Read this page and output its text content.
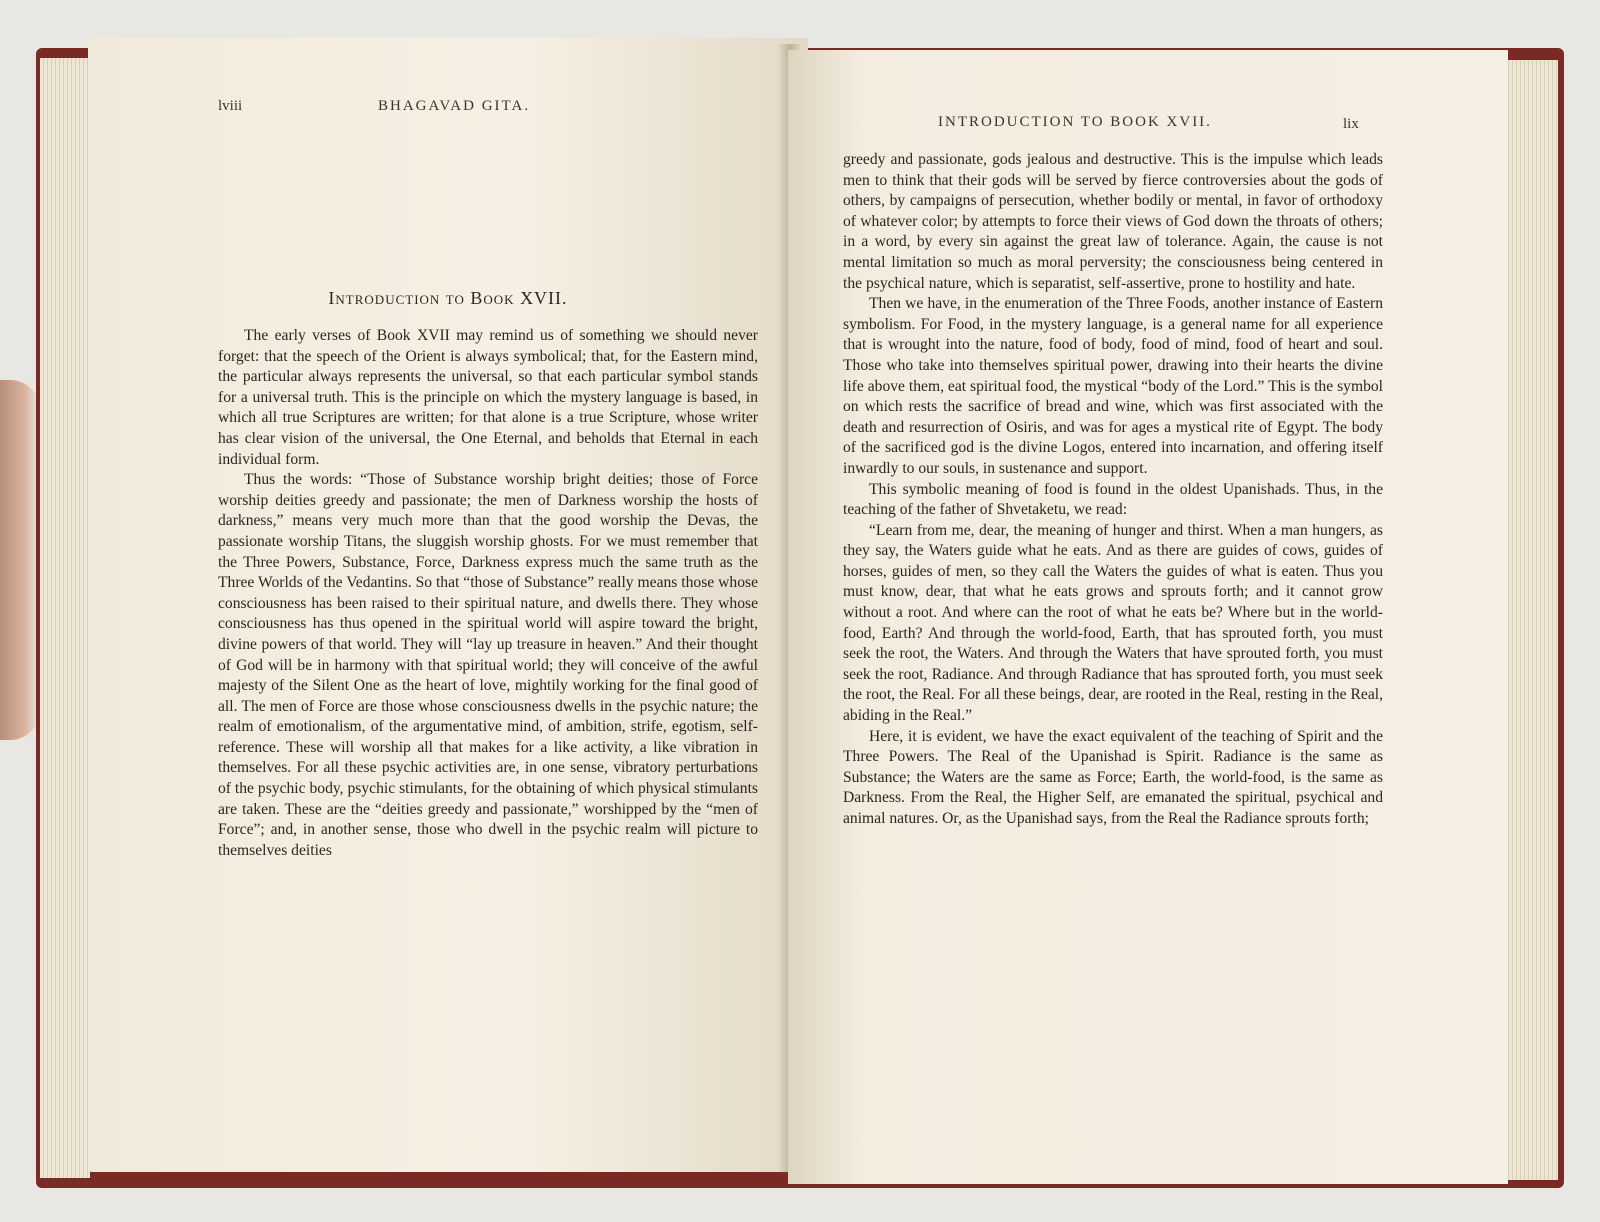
lviii	BHAGAVAD GITA.
Introduction to Book XVII.

The early verses of Book XVII may remind us of something we should never forget: that the speech of the Orient is always symbolical; that, for the Eastern mind, the particular always represents the universal, so that each particular symbol stands for a universal truth. This is the principle on which the mystery language is based, in which all true Scriptures are written; for that alone is a true Scripture, whose writer has clear vision of the universal, the One Eternal, and beholds that Eternal in each individual form.

Thus the words: “Those of Substance worship bright deities; those of Force worship deities greedy and passionate; the men of Darkness worship the hosts of darkness,” means very much more than that the good worship the Devas, the passionate worship Titans, the sluggish worship ghosts. For we must remember that the Three Powers, Substance, Force, Darkness express much the same truth as the Three Worlds of the Vedantins. So that “those of Substance” really means those whose consciousness has been raised to their spiritual nature, and dwells there. They whose consciousness has thus opened in the spiritual world will aspire toward the bright, divine powers of that world. They will “lay up treasure in heaven.” And their thought of God will be in harmony with that spiritual world; they will conceive of the awful majesty of the Silent One as the heart of love, mightily working for the final good of all. The men of Force are those whose consciousness dwells in the psychic nature; the realm of emotionalism, of the argumentative mind, of ambition, strife, egotism, self-reference. These will worship all that makes for a like activity, a like vibration in themselves. For all these psychic activities are, in one sense, vibratory perturbations of the psychic body, psychic stimulants, for the obtaining of which physical stimulants are taken. These are the “deities greedy and passionate,” worshipped by the “men of Force”; and, in another sense, those who dwell in the psychic realm will picture to themselves deities

INTRODUCTION TO BOOK XVII.	lix

greedy and passionate, gods jealous and destructive. This is the impulse which leads men to think that their gods will be served by fierce controversies about the gods of others, by campaigns of persecution, whether bodily or mental, in favor of orthodoxy of whatever color; by attempts to force their views of God down the throats of others; in a word, by every sin against the great law of tolerance. Again, the cause is not mental limitation so much as moral perversity; the consciousness being centered in the psychical nature, which is separatist, self-assertive, prone to hostility and hate.

Then we have, in the enumeration of the Three Foods, another instance of Eastern symbolism. For Food, in the mystery language, is a general name for all experience that is wrought into the nature, food of body, food of mind, food of heart and soul. Those who take into themselves spiritual power, drawing into their hearts the divine life above them, eat spiritual food, the mystical “body of the Lord.” This is the symbol on which rests the sacrifice of bread and wine, which was first associated with the death and resurrection of Osiris, and was for ages a mystical rite of Egypt. The body of the sacrificed god is the divine Logos, entered into incarnation, and offering itself inwardly to our souls, in sustenance and support.

This symbolic meaning of food is found in the oldest Upanishads. Thus, in the teaching of the father of Shvetaketu, we read:

“Learn from me, dear, the meaning of hunger and thirst. When a man hungers, as they say, the Waters guide what he eats. And as there are guides of cows, guides of horses, guides of men, so they call the Waters the guides of what is eaten. Thus you must know, dear, that what he eats grows and sprouts forth; and it cannot grow without a root. And where can the root of what he eats be? Where but in the world-food, Earth? And through the world-food, Earth, that has sprouted forth, you must seek the root, the Waters. And through the Waters that have sprouted forth, you must seek the root, Radiance. And through Radiance that has sprouted forth, you must seek the root, the Real. For all these beings, dear, are rooted in the Real, resting in the Real, abiding in the Real.”

Here, it is evident, we have the exact equivalent of the teaching of Spirit and the Three Powers. The Real of the Upanishad is Spirit. Radiance is the same as Substance; the Waters are the same as Force; Earth, the world-food, is the same as Darkness. From the Real, the Higher Self, are emanated the spiritual, psychical and animal natures. Or, as the Upanishad says, from the Real the Radiance sprouts forth;
